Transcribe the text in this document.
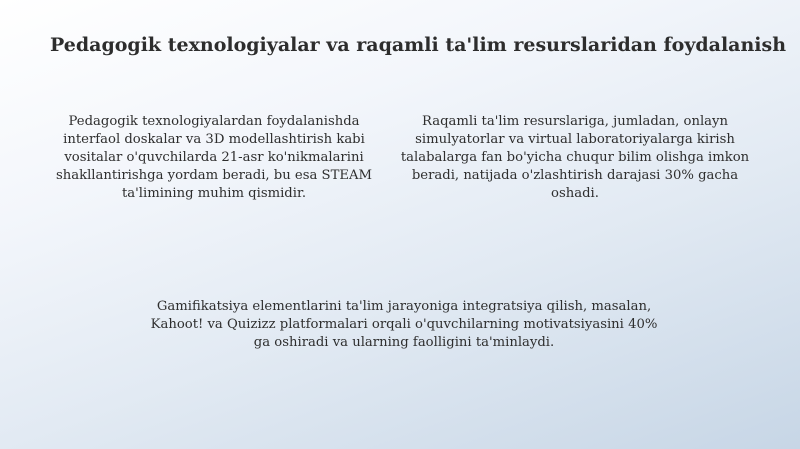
Pedagogik texnologiyalar va raqamli ta'lim resurslaridan foydalanish

Pedagogik texnologiyalardan foydalanishda interfaol doskalar va 3D modellashtirish kabi vositalar o'quvchilarda 21-asr ko'nikmalarini shakllantirishga yordam beradi, bu esa STEAM ta'limining muhim qismidir.

Raqamli ta'lim resurslariga, jumladan, onlayn simulyatorlar va virtual laboratoriyalarga kirish talabalarga fan bo'yicha chuqur bilim olishga imkon beradi, natijada o'zlashtirish darajasi 30% gacha oshadi.

Gamifikatsiya elementlarini ta'lim jarayoniga integratsiya qilish, masalan, Kahoot! va Quizizz platformalari orqali o'quvchilarning motivatsiyasini 40% ga oshiradi va ularning faolligini ta'minlaydi.
